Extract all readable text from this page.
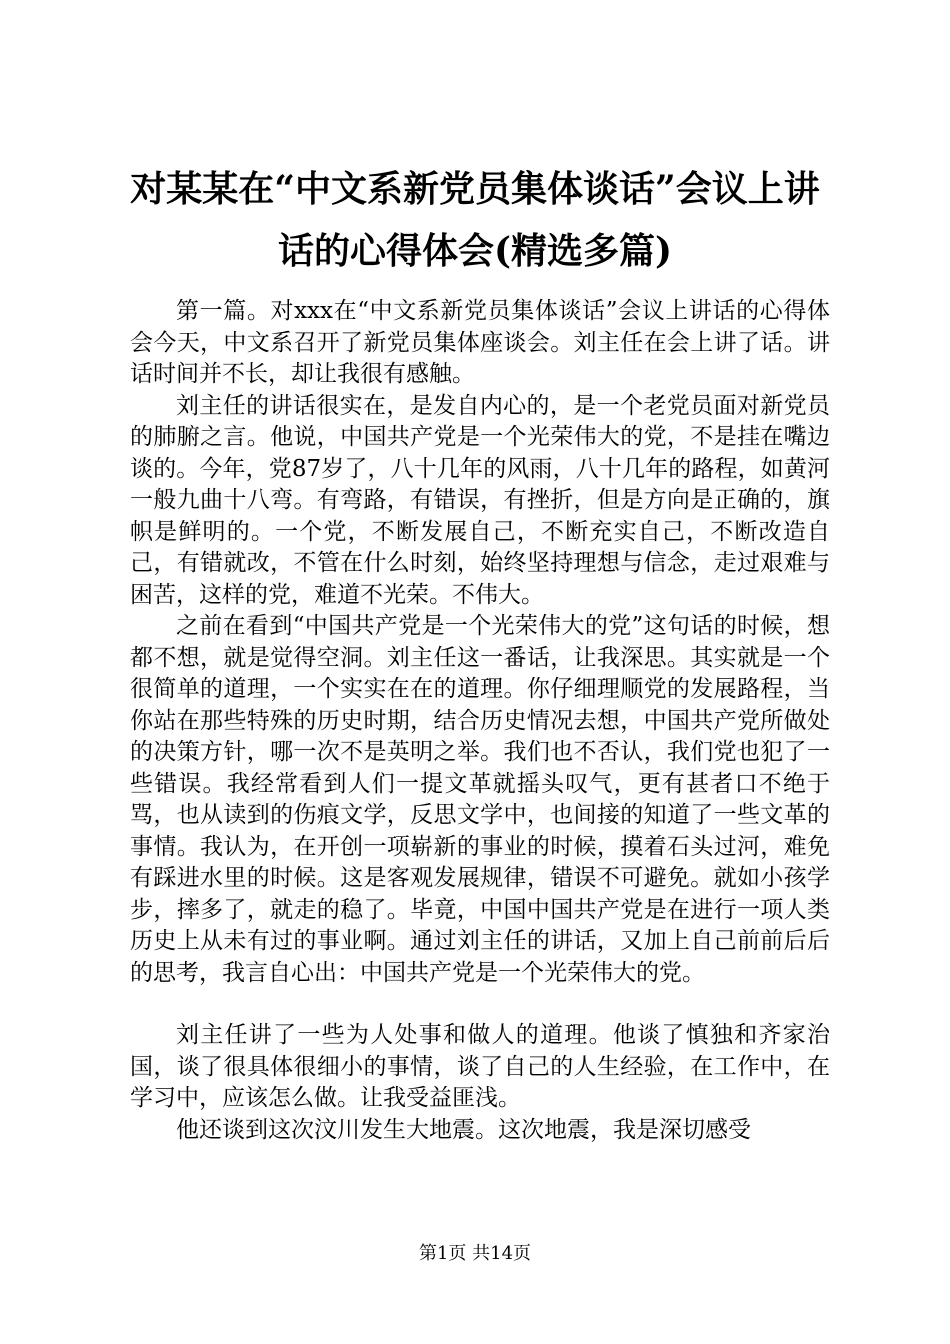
对某某在“中文系新党员集体谈话”会议上讲
话的心得体会(精选多篇)

第一篇。对xxx在“中文系新党员集体谈话”会议上讲话的心得体会今天，中文系召开了新党员集体座谈会。刘主任在会上讲了话。讲话时间并不长，却让我很有感触。

刘主任的讲话很实在，是发自内心的，是一个老党员面对新党员的肺腑之言。他说，中国共产党是一个光荣伟大的党，不是挂在嘴边谈的。今年，党87岁了，八十几年的风雨，八十几年的路程，如黄河一般九曲十八弯。有弯路，有错误，有挫折，但是方向是正确的，旗帜是鲜明的。一个党，不断发展自己，不断充实自己，不断改造自己，有错就改，不管在什么时刻，始终坚持理想与信念，走过艰难与困苦，这样的党，难道不光荣。不伟大。

之前在看到“中国共产党是一个光荣伟大的党”这句话的时候，想都不想，就是觉得空洞。刘主任这一番话，让我深思。其实就是一个很简单的道理，一个实实在在的道理。你仔细理顺党的发展路程，当你站在那些特殊的历史时期，结合历史情况去想，中国共产党所做处的决策方针，哪一次不是英明之举。我们也不否认，我们党也犯了一些错误。我经常看到人们一提文革就摇头叹气，更有甚者口不绝于骂，也从读到的伤痕文学，反思文学中，也间接的知道了一些文革的事情。我认为，在开创一项崭新的事业的时候，摸着石头过河，难免有踩进水里的时候。这是客观发展规律，错误不可避免。就如小孩学步，摔多了，就走的稳了。毕竟，中国中国共产党是在进行一项人类历史上从未有过的事业啊。通过刘主任的讲话，又加上自己前前后后的思考，我言自心出：中国共产党是一个光荣伟大的党。

刘主任讲了一些为人处事和做人的道理。他谈了慎独和齐家治国，谈了很具体很细小的事情，谈了自己的人生经验，在工作中，在学习中，应该怎么做。让我受益匪浅。

他还谈到这次汶川发生大地震。这次地震，我是深切感受

第1页 共14页
